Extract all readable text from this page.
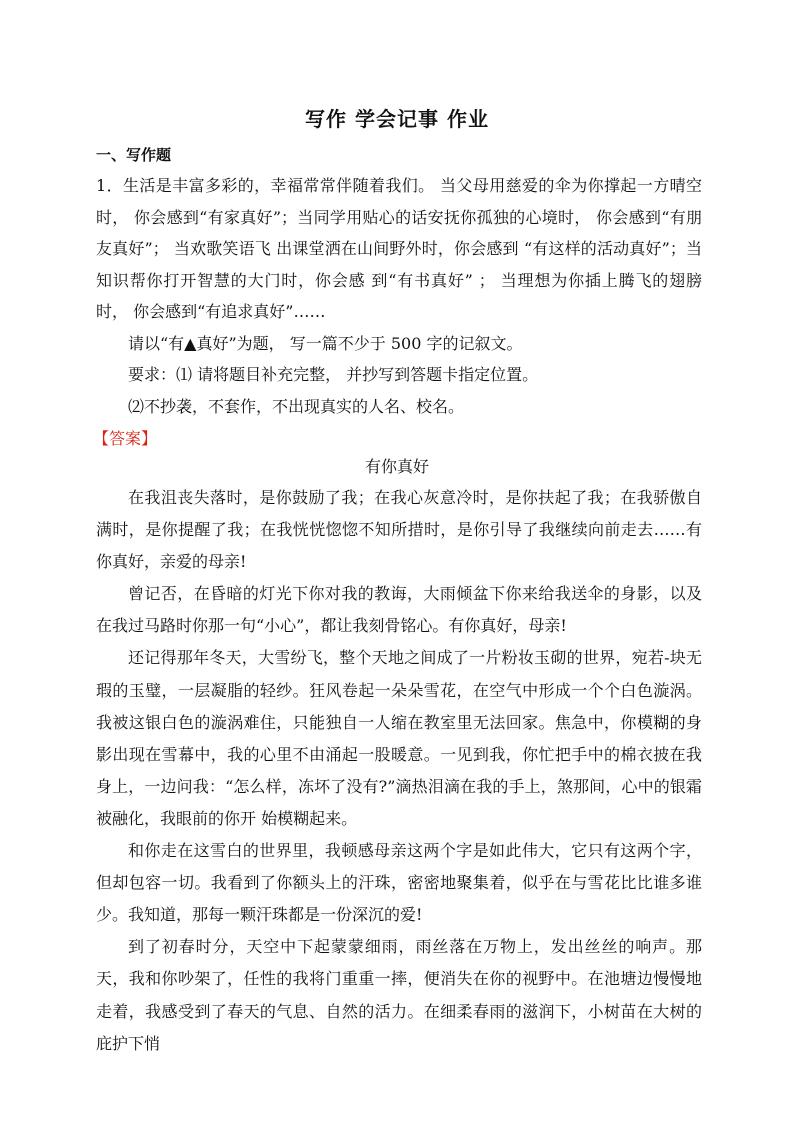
写作 学会记事 作业
一、写作题

1．生活是丰富多彩的，幸福常常伴随着我们。 当父母用慈爱的伞为你撑起一方晴空时， 你会感到“有家真好”；当同学用贴心的话安抚你孤独的心境时， 你会感到“有朋友真好”； 当欢歌笑语飞 出课堂洒在山间野外时，你会感到 “有这样的活动真好”；当知识帮你打开智慧的大门时，你会感 到“有书真好” ； 当理想为你插上腾飞的翅膀时， 你会感到“有追求真好”……

请以“有▲真好”为题， 写一篇不少于 500 字的记叙文。

要求：⑴ 请将题目补充完整， 并抄写到答题卡指定位置。

⑵不抄袭，不套作，不出现真实的人名、校名。

【答案】
有你真好

在我沮丧失落时，是你鼓励了我；在我心灰意冷时，是你扶起了我；在我骄傲自满时，是你提醒了我；在我恍恍惚惚不知所措时，是你引导了我继续向前走去……有你真好，亲爱的母亲!

曾记否，在昏暗的灯光下你对我的教诲，大雨倾盆下你来给我送伞的身影，以及在我过马路时你那一句“小心”，都让我刻骨铭心。有你真好，母亲!

还记得那年冬天，大雪纷飞，整个天地之间成了一片粉妆玉砌的世界，宛若-块无瑕的玉璧，一层凝脂的轻纱。狂风卷起一朵朵雪花，在空气中形成一个个白色漩涡。我被这银白色的漩涡难住，只能独自一人缩在教室里无法回家。焦急中，你模糊的身影出现在雪幕中，我的心里不由涌起一股暖意。一见到我，你忙把手中的棉衣披在我身上，一边问我：“怎么样，冻坏了没有?”滴热泪滴在我的手上，煞那间，心中的银霜被融化，我眼前的你开 始模糊起来。

和你走在这雪白的世界里，我顿感母亲这两个字是如此伟大，它只有这两个字，但却包容一切。我看到了你额头上的汗珠，密密地聚集着，似乎在与雪花比比谁多谁少。我知道，那每一颗汗珠都是一份深沉的爱!

到了初春时分，天空中下起蒙蒙细雨，雨丝落在万物上，发出丝丝的响声。那天，我和你吵架了，任性的我将门重重一摔，便消失在你的视野中。在池塘边慢慢地走着，我感受到了春天的气息、自然的活力。在细柔春雨的滋润下，小树苗在大树的庇护下悄
